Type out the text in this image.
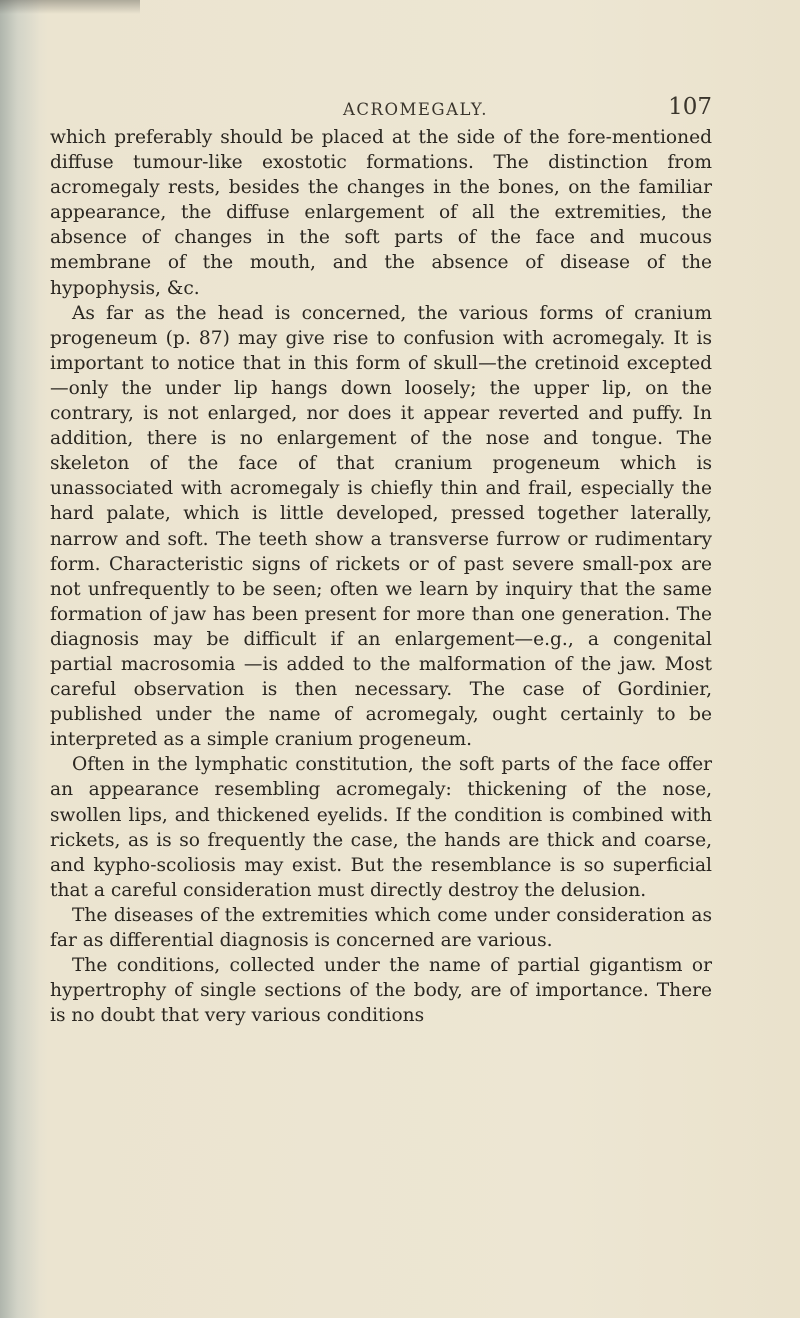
ACROMEGALY.	107

which preferably should be placed at the side of the fore-mentioned diffuse tumour-like exostotic formations. The distinction from acromegaly rests, besides the changes in the bones, on the familiar appearance, the diffuse enlargement of all the extremities, the absence of changes in the soft parts of the face and mucous membrane of the mouth, and the absence of disease of the hypophysis, &c.

As far as the head is concerned, the various forms of cranium progeneum (p. 87) may give rise to confusion with acromegaly. It is important to notice that in this form of skull—the cretinoid excepted—only the under lip hangs down loosely; the upper lip, on the contrary, is not enlarged, nor does it appear reverted and puffy. In addition, there is no enlargement of the nose and tongue. The skeleton of the face of that cranium progeneum which is unassociated with acromegaly is chiefly thin and frail, especially the hard palate, which is little developed, pressed together laterally, narrow and soft. The teeth show a transverse furrow or rudimentary form. Characteristic signs of rickets or of past severe small-pox are not unfrequently to be seen; often we learn by inquiry that the same formation of jaw has been present for more than one generation. The diagnosis may be difficult if an enlargement—e.g., a congenital partial macrosomia —is added to the malformation of the jaw. Most careful observation is then necessary. The case of Gordinier, published under the name of acromegaly, ought certainly to be interpreted as a simple cranium progeneum.

Often in the lymphatic constitution, the soft parts of the face offer an appearance resembling acromegaly: thickening of the nose, swollen lips, and thickened eyelids. If the condition is combined with rickets, as is so frequently the case, the hands are thick and coarse, and kypho-scoliosis may exist. But the resemblance is so superficial that a careful consideration must directly destroy the delusion.

The diseases of the extremities which come under consideration as far as differential diagnosis is concerned are various.

The conditions, collected under the name of partial gigantism or hypertrophy of single sections of the body, are of importance. There is no doubt that very various conditions
